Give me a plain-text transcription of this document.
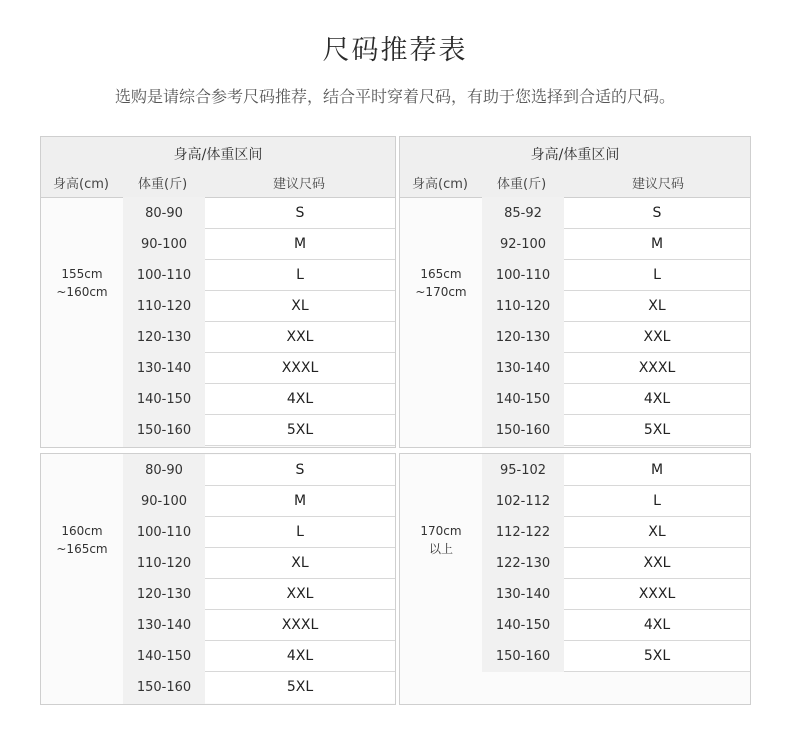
尺码推荐表
选购是请综合参考尺码推荐，结合平时穿着尺码，有助于您选择到合适的尺码。
身高/体重区间
身高(cm) 体重(斤)	建议尺码
155cm
~160cm
80-90	S
90-100	M
100-110	L
110-120	XL
120-130	XXL
130-140	XXXL
140-150	4XL
150-160	5XL
身高/体重区间
身高(cm) 体重(斤)	建议尺码
165cm
~170cm
85-92	S
92-100	M
100-110	L
110-120	XL
120-130	XXL
130-140	XXXL
140-150	4XL
150-160	5XL
160cm
~165cm
80-90	S
90-100	M
100-110	L
110-120	XL
120-130	XXL
130-140	XXXL
140-150	4XL
150-160	5XL
170cm
以上
95-102	M
102-112	L
112-122	XL
122-130	XXL
130-140	XXXL
140-150	4XL
150-160	5XL
